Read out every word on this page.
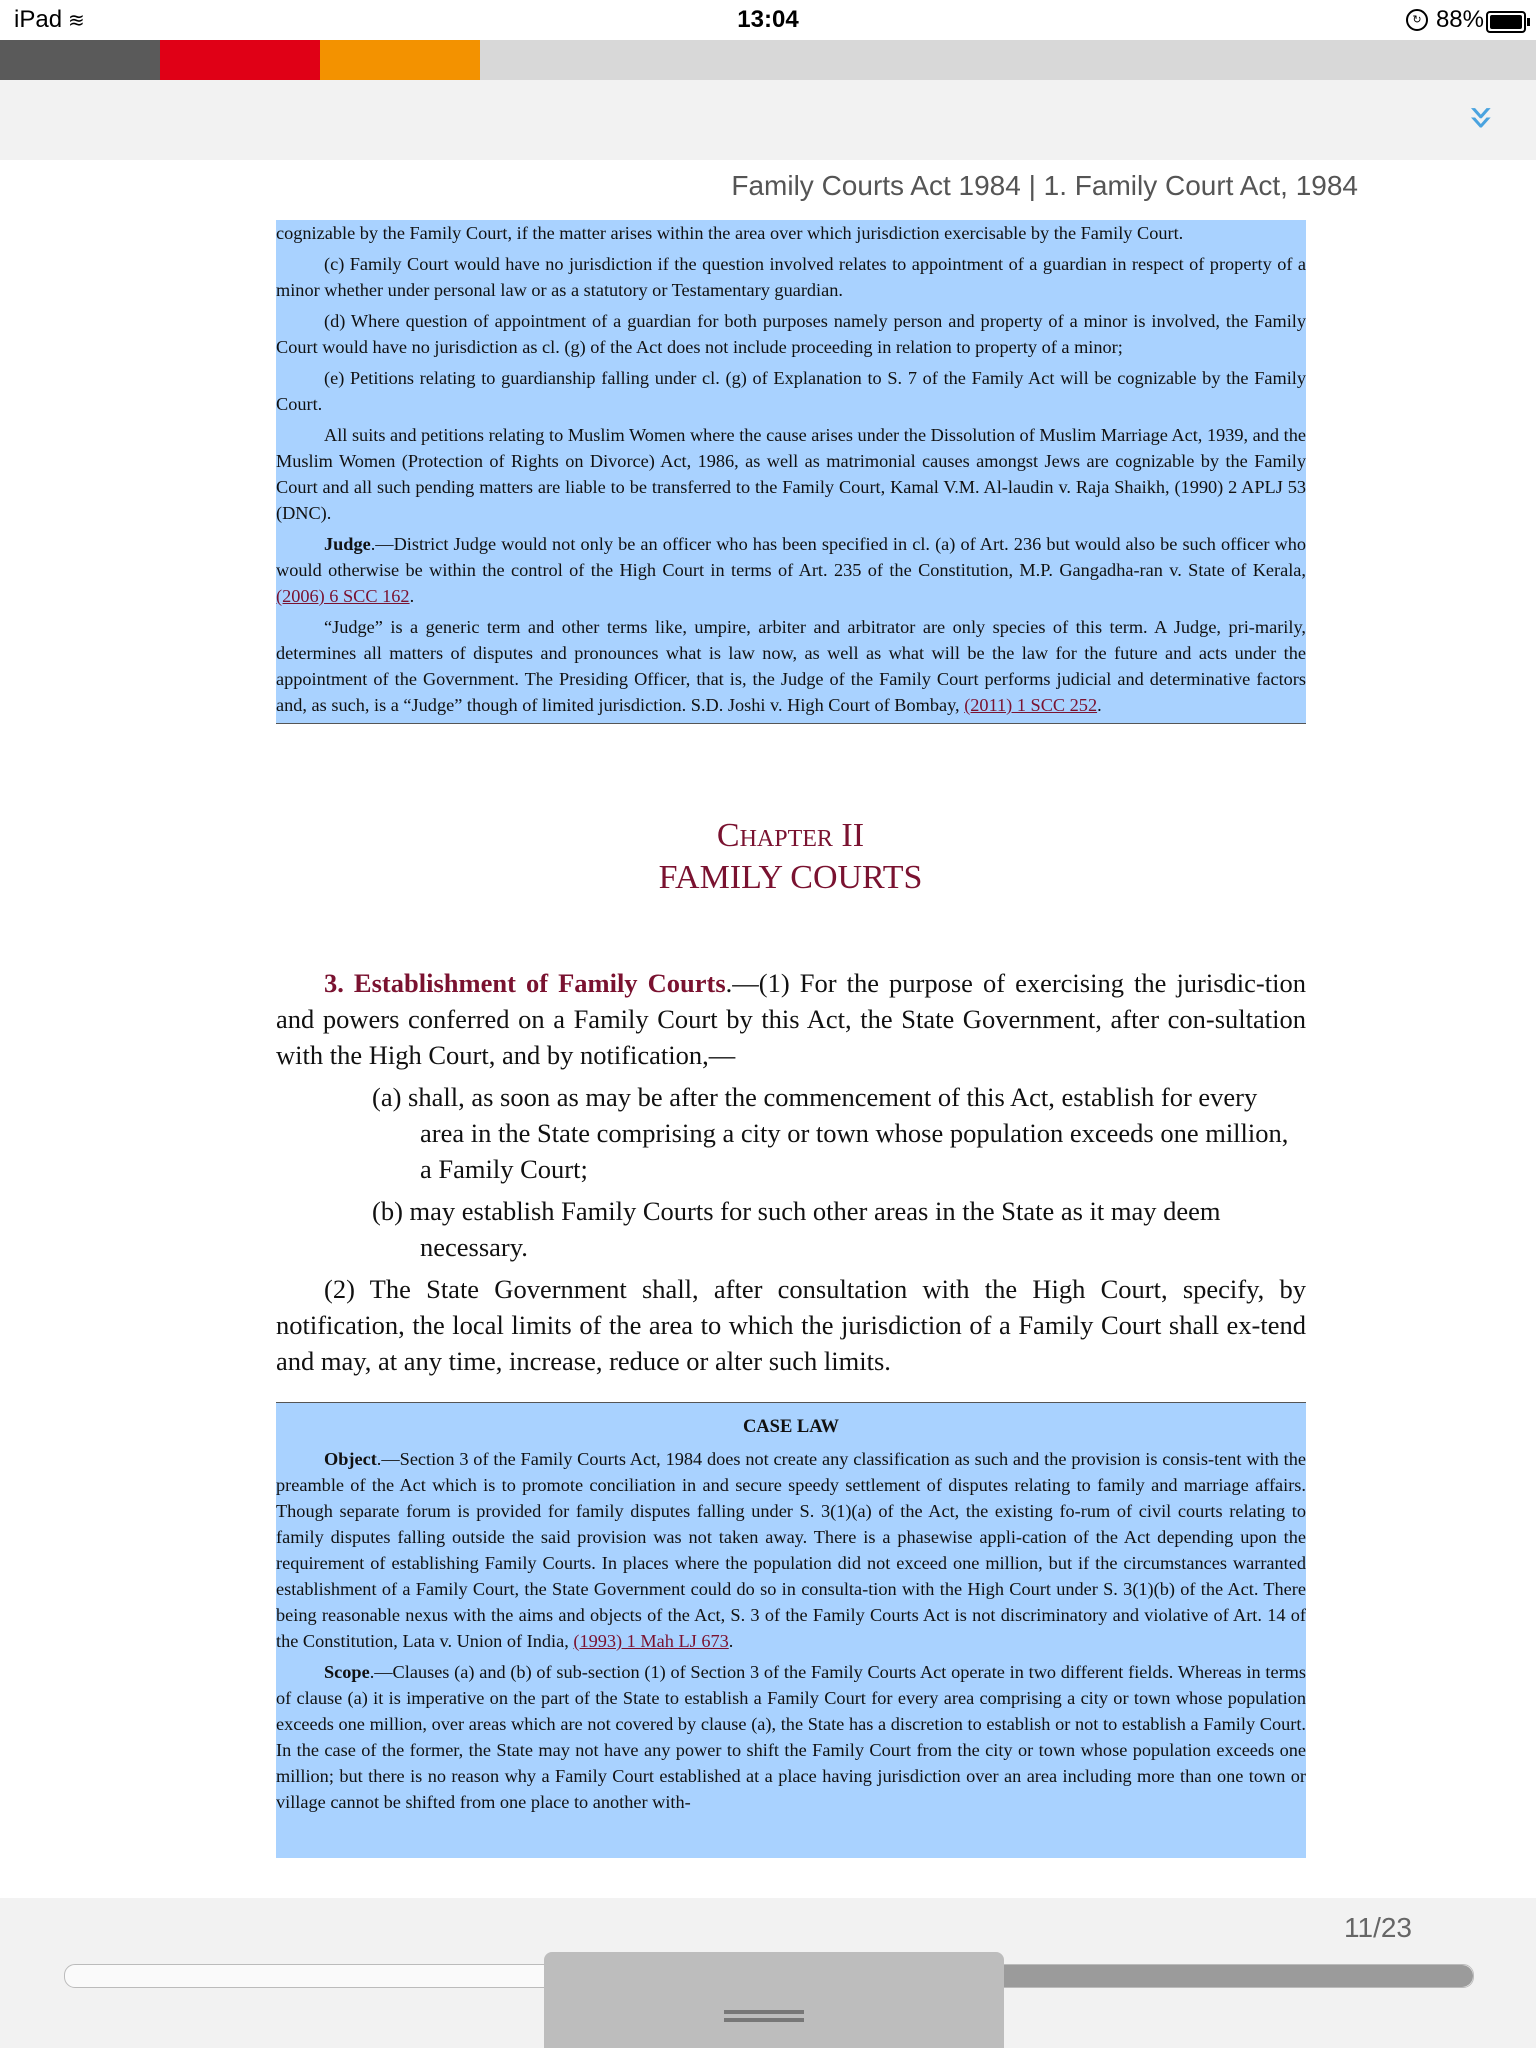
iPad ≋	13:04	↻ 88%
»
Family Courts Act 1984 | 1. Family Court Act, 1984

cognizable by the Family Court, if the matter arises within the area over which jurisdiction exercisable by the Family Court.

(c) Family Court would have no jurisdiction if the question involved relates to appointment of a guardian in respect of property of a minor whether under personal law or as a statutory or Testamentary guardian.

(d) Where question of appointment of a guardian for both purposes namely person and property of a minor is involved, the Family Court would have no jurisdiction as cl. (g) of the Act does not include proceeding in relation to property of a minor;

(e) Petitions relating to guardianship falling under cl. (g) of Explanation to S. 7 of the Family Act will be cognizable by the Family Court.

All suits and petitions relating to Muslim Women where the cause arises under the Dissolution of Muslim Marriage Act, 1939, and the Muslim Women (Protection of Rights on Divorce) Act, 1986, as well as matrimonial causes amongst Jews are cognizable by the Family Court and all such pending matters are liable to be transferred to the Family Court, Kamal V.M. Al-laudin v. Raja Shaikh, (1990) 2 APLJ 53 (DNC).

Judge.—District Judge would not only be an officer who has been specified in cl. (a) of Art. 236 but would also be such officer who would otherwise be within the control of the High Court in terms of Art. 235 of the Constitution, M.P. Gangadha-ran v. State of Kerala, (2006) 6 SCC 162.

“Judge” is a generic term and other terms like, umpire, arbiter and arbitrator are only species of this term. A Judge, pri-marily, determines all matters of disputes and pronounces what is law now, as well as what will be the law for the future and acts under the appointment of the Government. The Presiding Officer, that is, the Judge of the Family Court performs judicial and determinative factors and, as such, is a “Judge” though of limited jurisdiction. S.D. Joshi v. High Court of Bombay, (2011) 1 SCC 252.

Chapter II
FAMILY COURTS

3. Establishment of Family Courts.—(1) For the purpose of exercising the jurisdic-tion and powers conferred on a Family Court by this Act, the State Government, after con-sultation with the High Court, and by notification,—

(a) shall, as soon as may be after the commencement of this Act, establish for every area in the State comprising a city or town whose population exceeds one million, a Family Court;
(b) may establish Family Courts for such other areas in the State as it may deem necessary.

(2) The State Government shall, after consultation with the High Court, specify, by notification, the local limits of the area to which the jurisdiction of a Family Court shall ex-tend and may, at any time, increase, reduce or alter such limits.

CASE LAW

Object.—Section 3 of the Family Courts Act, 1984 does not create any classification as such and the provision is consis-tent with the preamble of the Act which is to promote conciliation in and secure speedy settlement of disputes relating to family and marriage affairs. Though separate forum is provided for family disputes falling under S. 3(1)(a) of the Act, the existing fo-rum of civil courts relating to family disputes falling outside the said provision was not taken away. There is a phasewise appli-cation of the Act depending upon the requirement of establishing Family Courts. In places where the population did not exceed one million, but if the circumstances warranted establishment of a Family Court, the State Government could do so in consulta-tion with the High Court under S. 3(1)(b) of the Act. There being reasonable nexus with the aims and objects of the Act, S. 3 of the Family Courts Act is not discriminatory and violative of Art. 14 of the Constitution, Lata v. Union of India, (1993) 1 Mah LJ 673.

Scope.—Clauses (a) and (b) of sub-section (1) of Section 3 of the Family Courts Act operate in two different fields. Whereas in terms of clause (a) it is imperative on the part of the State to establish a Family Court for every area comprising a city or town whose population exceeds one million, over areas which are not covered by clause (a), the State has a discretion to establish or not to establish a Family Court. In the case of the former, the State may not have any power to shift the Family Court from the city or town whose population exceeds one million; but there is no reason why a Family Court established at a place having jurisdiction over an area including more than one town or village cannot be shifted from one place to another with-

11/23
